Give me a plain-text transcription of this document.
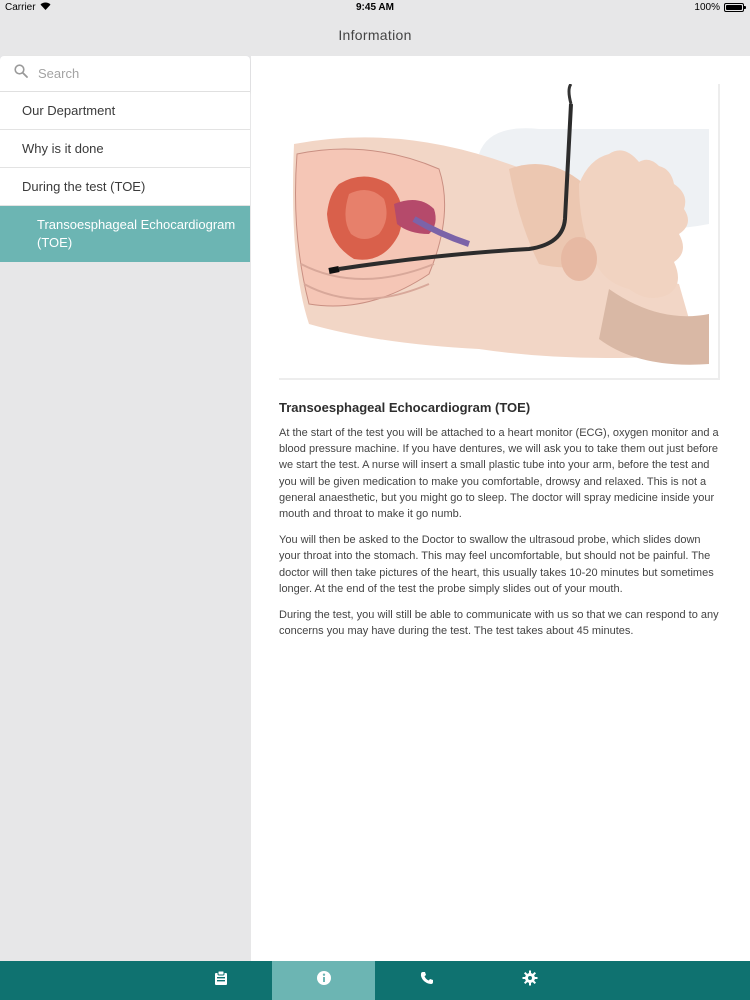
Carrier	9:45 AM	100%
Information
Search
Our Department
Why is it done
During the test (TOE)
Transoesphageal Echocardiogram (TOE)
Transoesphageal Echocardiogram (TOE)

At the start of the test you will be attached to a heart monitor (ECG), oxygen monitor and a blood pressure machine. If you have dentures, we will ask you to take them out just before we start the test. A nurse will insert a small plastic tube into your arm, before the test and you will be given medication to make you comfortable, drowsy and relaxed. This is not a general anaesthetic, but you might go to sleep. The doctor will spray medicine inside your mouth and throat to make it go numb.

You will then be asked to the Doctor to swallow the ultrasoud probe, which slides down your throat into the stomach. This may feel uncomfortable, but should not be painful. The doctor will then take pictures of the heart, this usually takes 10-20 minutes but sometimes longer. At the end of the test the probe simply slides out of your mouth.

During the test, you will still be able to communicate with us so that we can respond to any concerns you may have during the test. The test takes about 45 minutes.
